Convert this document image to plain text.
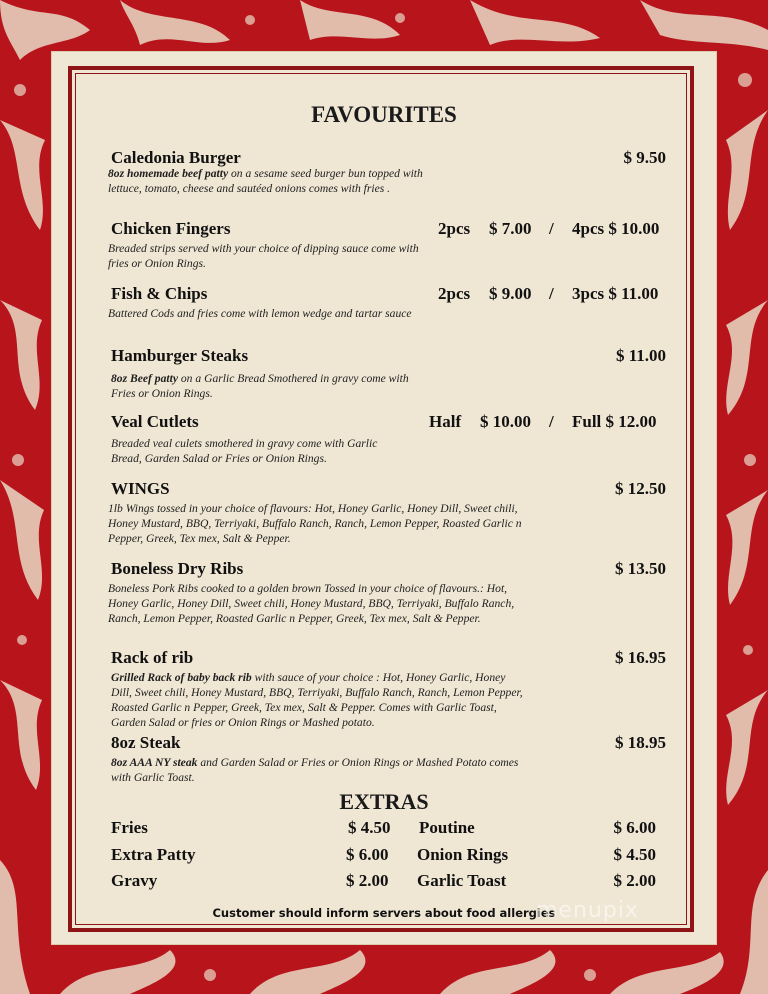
FAVOURITES
Caledonia Burger	$ 9.50
8oz homemade beef patty on a sesame seed burger bun topped with lettuce, tomato, cheese and sautéed onions comes with fries .
Chicken Fingers	2pcs $ 7.00 / 4pcs $ 10.00
Breaded strips served with your choice of dipping sauce come with fries or Onion Rings.
Fish & Chips	2pcs $ 9.00 / 3pcs $ 11.00
Battered Cods and fries come with lemon wedge and tartar sauce
Hamburger Steaks	$ 11.00
8oz Beef patty on a Garlic Bread Smothered in gravy come with Fries or Onion Rings.
Veal Cutlets	Half $ 10.00 / Full $ 12.00
Breaded veal culets smothered in gravy come with Garlic Bread, Garden Salad or Fries or Onion Rings.
WINGS	$ 12.50
1lb Wings tossed in your choice of flavours: Hot, Honey Garlic, Honey Dill, Sweet chili, Honey Mustard, BBQ, Terriyaki, Buffalo Ranch, Ranch, Lemon Pepper, Roasted Garlic n Pepper, Greek, Tex mex, Salt & Pepper.
Boneless Dry Ribs	$ 13.50
Boneless Pork Ribs cooked to a golden brown Tossed in your choice of flavours.: Hot, Honey Garlic, Honey Dill, Sweet chili, Honey Mustard, BBQ, Terriyaki, Buffalo Ranch, Ranch, Lemon Pepper, Roasted Garlic n Pepper, Greek, Tex mex, Salt & Pepper.
Rack of rib	$ 16.95
Grilled Rack of baby back rib with sauce of your choice : Hot, Honey Garlic, Honey Dill, Sweet chili, Honey Mustard, BBQ, Terriyaki, Buffalo Ranch, Ranch, Lemon Pepper, Roasted Garlic n Pepper, Greek, Tex mex, Salt & Pepper. Comes with Garlic Toast, Garden Salad or fries or Onion Rings or Mashed potato.
8oz Steak	$ 18.95
8oz AAA NY steak and Garden Salad or Fries or Onion Rings or Mashed Potato comes with Garlic Toast.
EXTRAS
Fries	$ 4.50 Poutine	$ 6.00
Extra Patty	$ 6.00 Onion Rings	$ 4.50
Gravy	$ 2.00 Garlic Toast	$ 2.00
Customer should inform servers about food allergies
menupix
